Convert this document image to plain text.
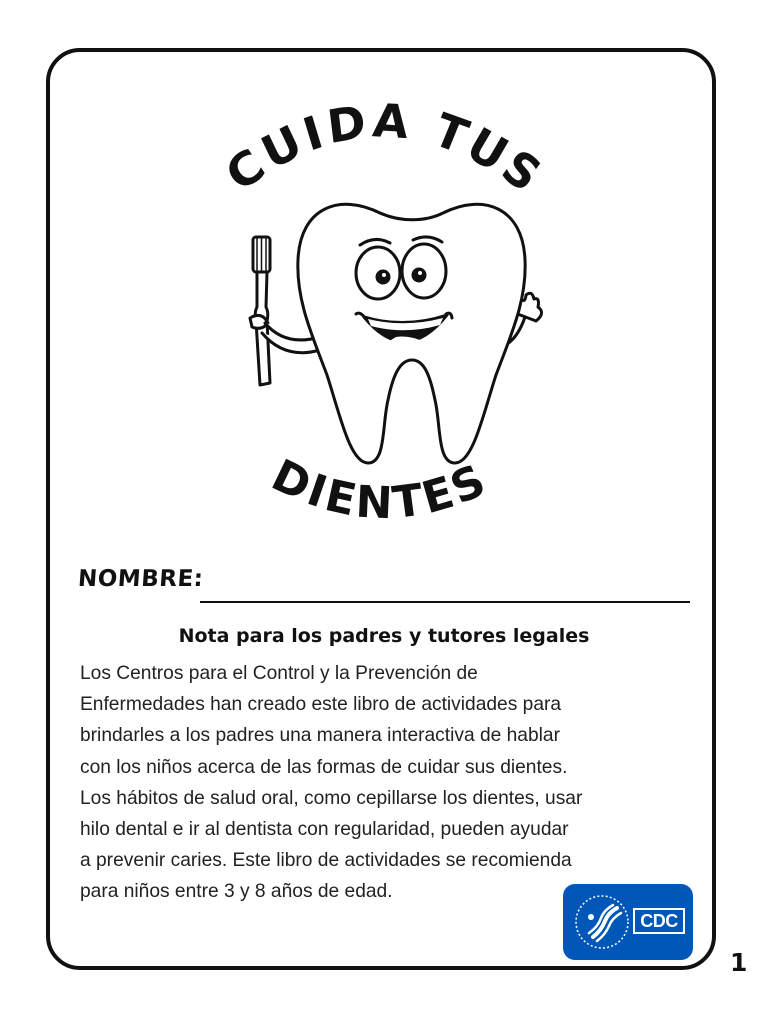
CUIDA TUS
DIENTES
NOMBRE:
Nota para los padres y tutores legales
Los Centros para el Control y la Prevención de
Enfermedades han creado este libro de actividades para
brindarles a los padres una manera interactiva de hablar
con los niños acerca de las formas de cuidar sus dientes.
Los hábitos de salud oral, como cepillarse los dientes, usar
hilo dental e ir al dentista con regularidad, pueden ayudar
a prevenir caries. Este libro de actividades se recomienda
para niños entre 3 y 8 años de edad.
CDC
1
